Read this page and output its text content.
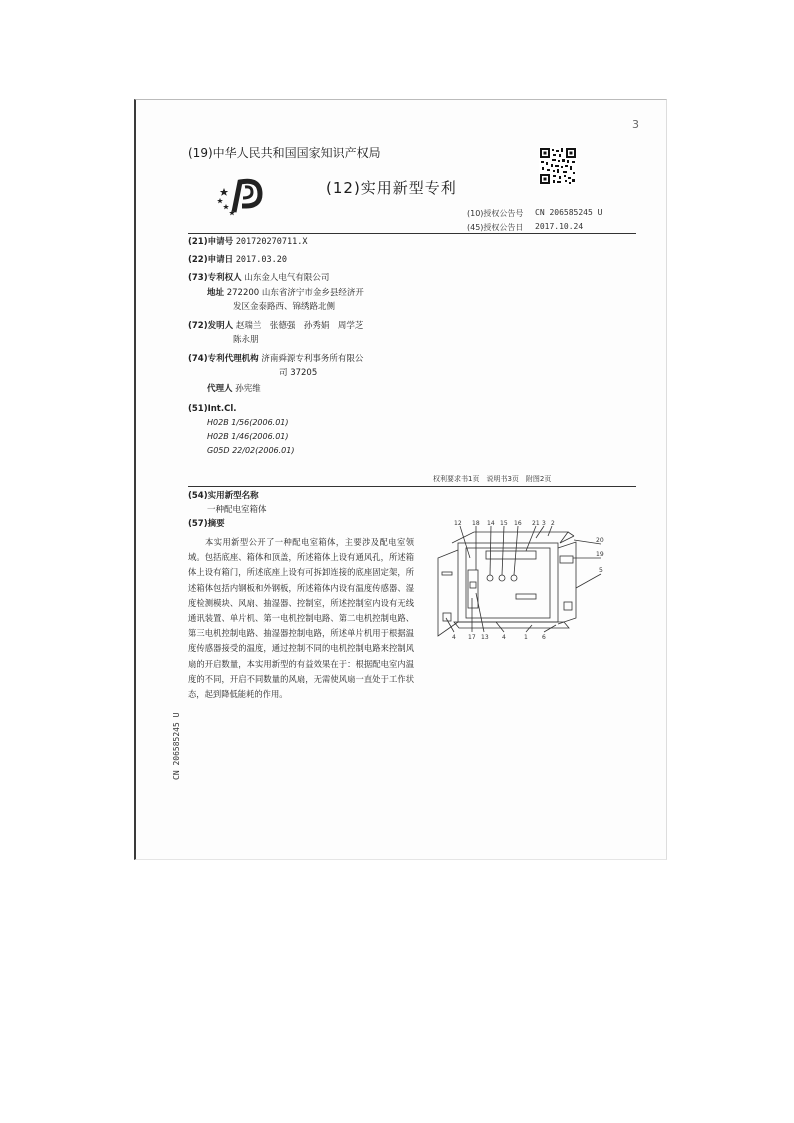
3
(19)中华人民共和国国家知识产权局
(12)实用新型专利
(10)授权公告号 CN 206585245 U
(45)授权公告日 2017.10.24
(21)申请号 201720270711.X
(22)申请日 2017.03.20
(73)专利权人 山东金人电气有限公司
地址 272200 山东省济宁市金乡县经济开
发区金泰路西、锦绣路北侧
(72)发明人 赵瑞兰　张德强　孙秀娟　周学芝
陈永朋
(74)专利代理机构 济南舜源专利事务所有限公
司 37205
代理人 孙宪维
(51)Int.Cl.
H02B 1/56(2006.01)
H02B 1/46(2006.01)
G05D 22/02(2006.01)
权利要求书1页　说明书3页　附图2页
(54)实用新型名称
一种配电室箱体
(57)摘要
本实用新型公开了一种配电室箱体，主要涉及配电室领域。包括底座、箱体和顶盖，所述箱体上设有通风孔，所述箱体上设有箱门，所述底座上设有可拆卸连接的底座固定架，所述箱体包括内钢板和外钢板，所述箱体内设有温度传感器、湿度检测模块、风扇、抽湿器、控制室，所述控制室内设有无线通讯装置、单片机、第一电机控制电路、第二电机控制电路、第三电机控制电路、抽湿器控制电路，所述单片机用于根据温度传感器接受的温度，通过控制不同的电机控制电路来控制风扇的开启数量，本实用新型的有益效果在于：根据配电室内温度的不同，开启不同数量的风扇，无需使风扇一直处于工作状态，起到降低能耗的作用。
12 18 14 15 16 21 3 2
20
19
5
4 17 13 4	1 6
CN 206585245 U
